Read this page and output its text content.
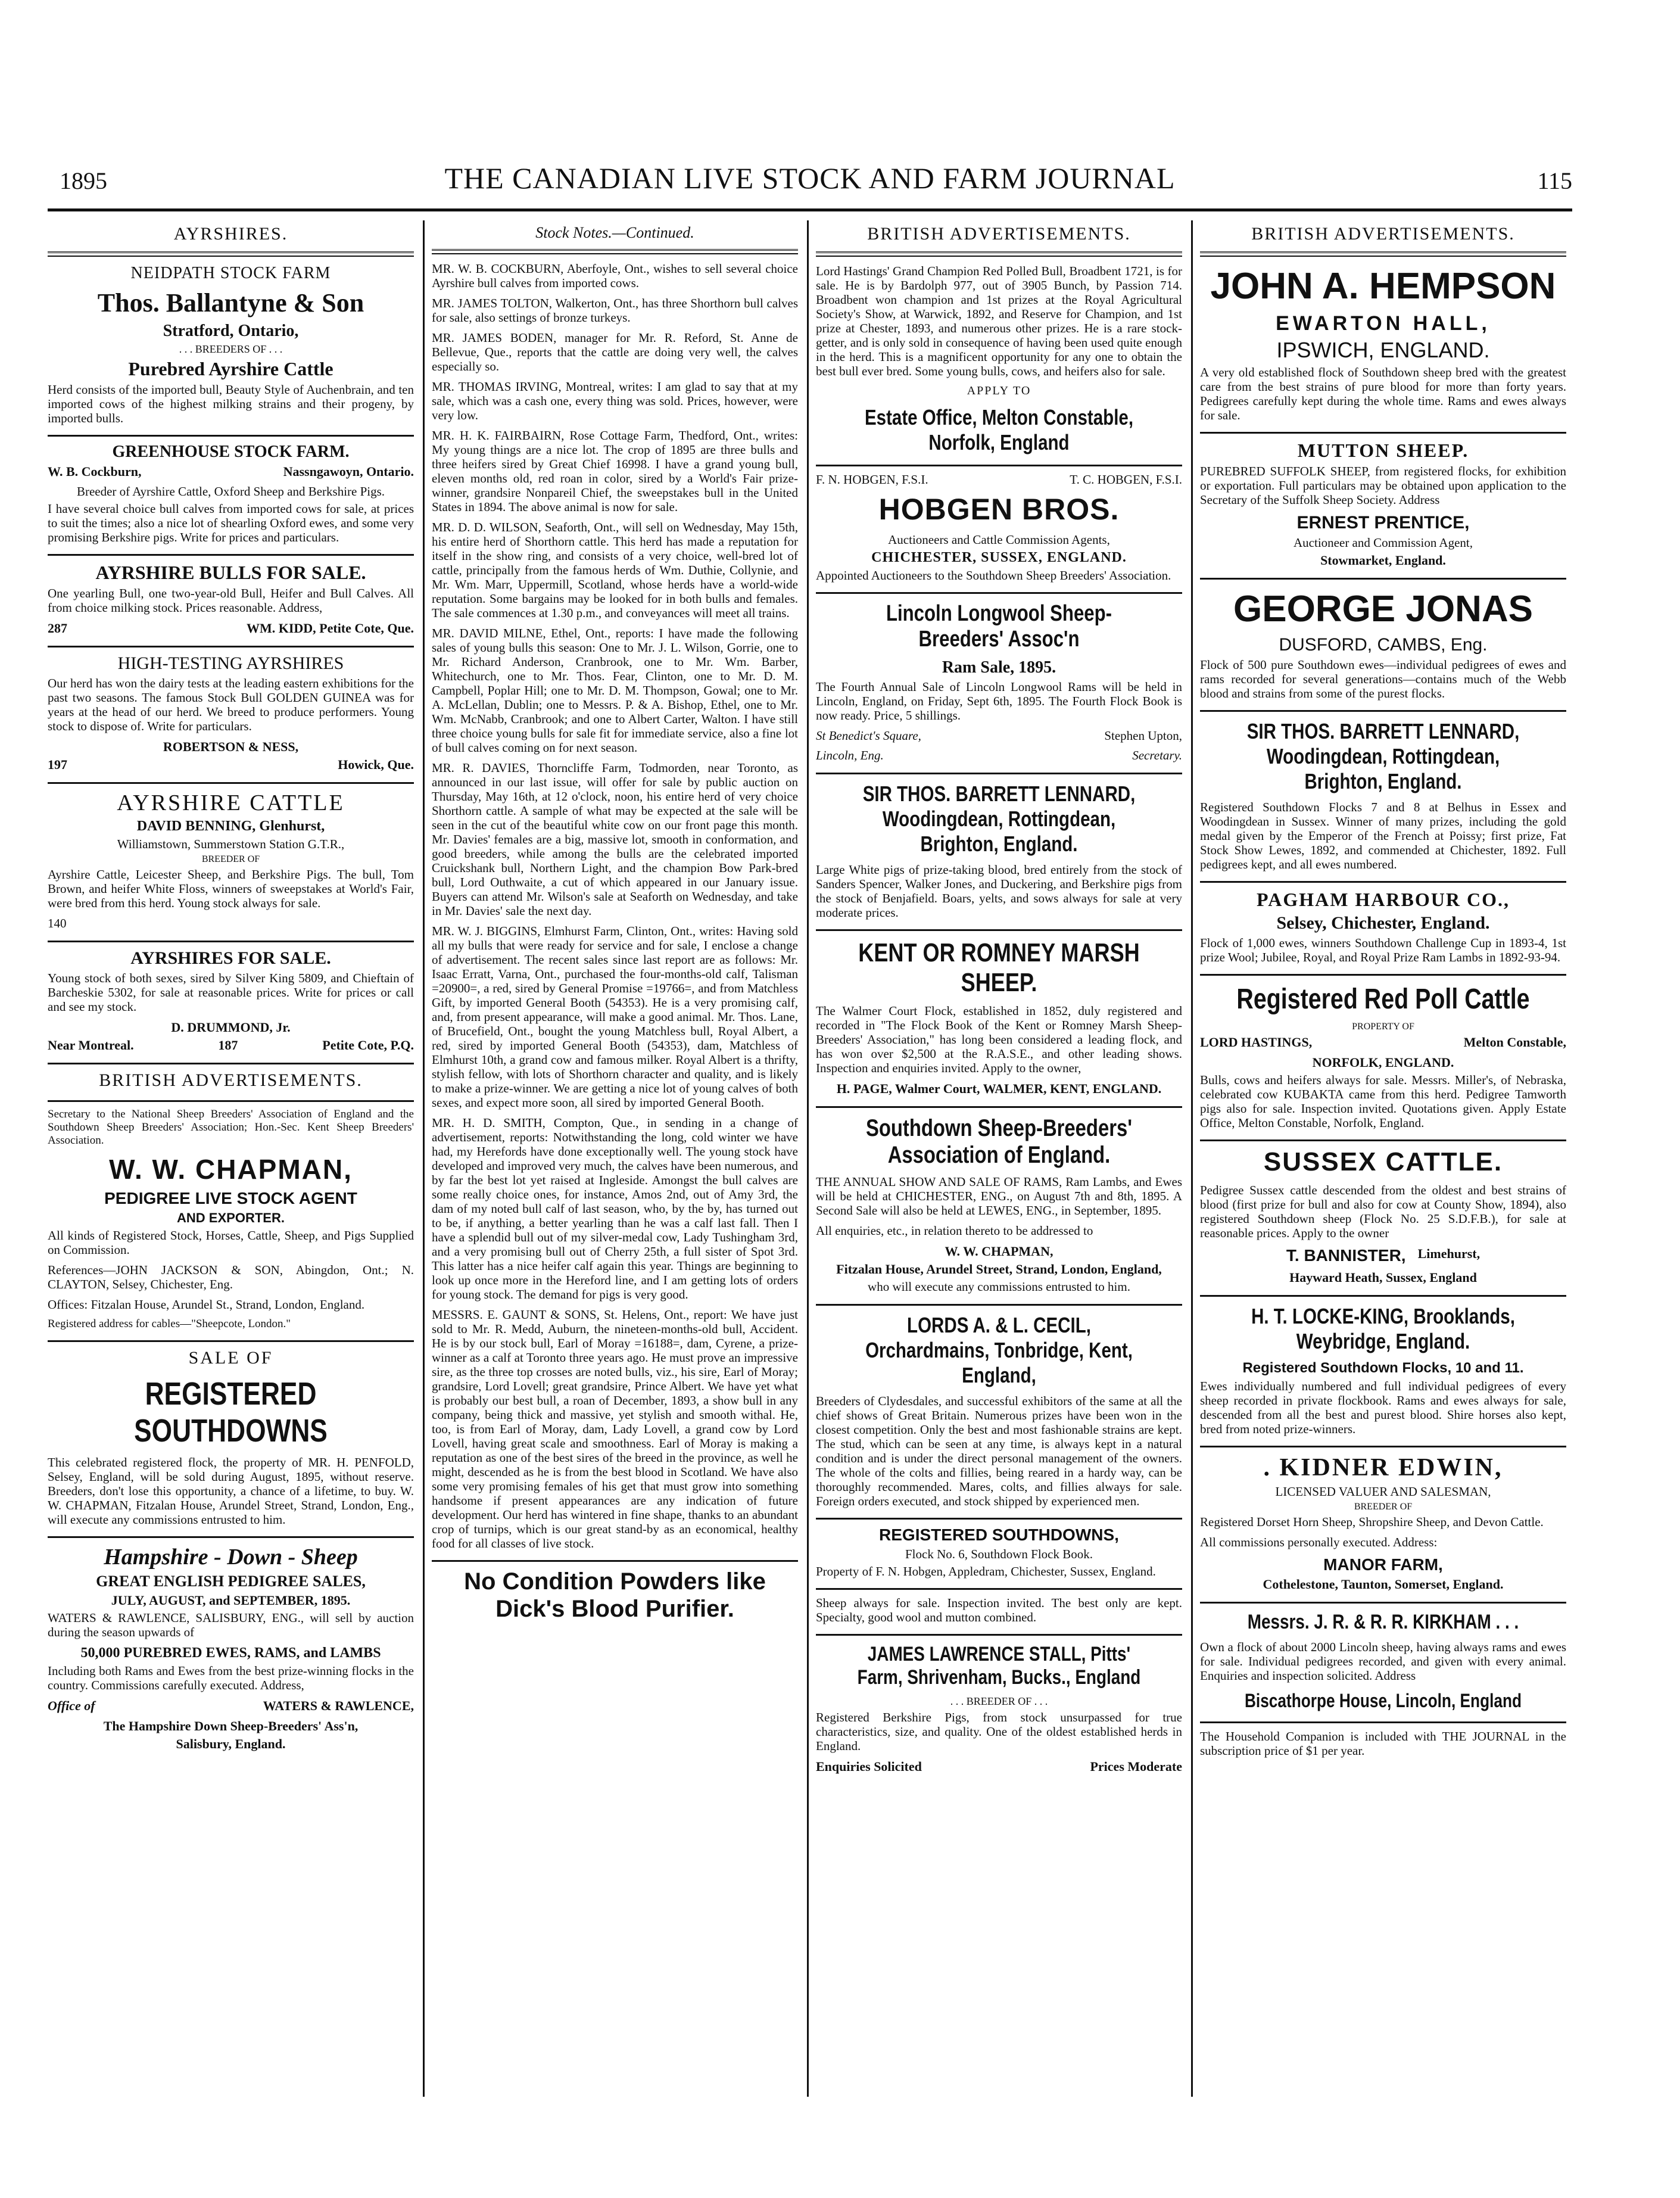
1895	THE CANADIAN LIVE STOCK AND FARM JOURNAL	115
AYRSHIRES.
NEIDPATH STOCK FARM
Thos. Ballantyne & Son
Stratford, Ontario,
. . . BREEDERS OF . . .
Purebred Ayrshire Cattle

Herd consists of the imported bull, Beauty Style of Auchenbrain, and ten imported cows of the highest milking strains and their progeny, by imported bulls.

GREENHOUSE STOCK FARM.
W. B. Cockburn,	Nassngawoyn, Ontario.
Breeder of Ayrshire Cattle, Oxford Sheep and Berkshire Pigs.

I have several choice bull calves from imported cows for sale, at prices to suit the times; also a nice lot of shearling Oxford ewes, and some very promising Berkshire pigs. Write for prices and particulars.

AYRSHIRE BULLS FOR SALE.

One yearling Bull, one two-year-old Bull, Heifer and Bull Calves. All from choice milking stock. Prices reasonable. Address,

287	WM. KIDD, Petite Cote, Que.
HIGH-TESTING AYRSHIRES

Our herd has won the dairy tests at the leading eastern exhibitions for the past two seasons. The famous Stock Bull GOLDEN GUINEA was for years at the head of our herd. We breed to produce performers. Young stock to dispose of. Write for particulars.

ROBERTSON & NESS,
197	Howick, Que.
AYRSHIRE CATTLE
DAVID BENNING, Glenhurst,
Williamstown, Summerstown Station G.T.R.,
BREEDER OF

Ayrshire Cattle, Leicester Sheep, and Berkshire Pigs. The bull, Tom Brown, and heifer White Floss, winners of sweepstakes at World's Fair, were bred from this herd. Young stock always for sale.

140
AYRSHIRES FOR SALE.

Young stock of both sexes, sired by Silver King 5809, and Chieftain of Barcheskie 5302, for sale at reasonable prices. Write for prices or call and see my stock.

D. DRUMMOND, Jr.
Near Montreal.	187	Petite Cote, P.Q.
BRITISH ADVERTISEMENTS.

Secretary to the National Sheep Breeders' Association of England and the Southdown Sheep Breeders' Association; Hon.-Sec. Kent Sheep Breeders' Association.

W. W. CHAPMAN,
PEDIGREE LIVE STOCK AGENT
AND EXPORTER.

All kinds of Registered Stock, Horses, Cattle, Sheep, and Pigs Supplied on Commission.

References—JOHN JACKSON & SON, Abingdon, Ont.; N. CLAYTON, Selsey, Chichester, Eng.

Offices: Fitzalan House, Arundel St., Strand, London, England.

Registered address for cables—"Sheepcote, London."

SALE OF
REGISTERED SOUTHDOWNS

This celebrated registered flock, the property of MR. H. PENFOLD, Selsey, England, will be sold during August, 1895, without reserve. Breeders, don't lose this opportunity, a chance of a lifetime, to buy. W. W. CHAPMAN, Fitzalan House, Arundel Street, Strand, London, Eng., will execute any commissions entrusted to him.

Hampshire - Down - Sheep
GREAT ENGLISH PEDIGREE SALES,
JULY, AUGUST, and SEPTEMBER, 1895.

WATERS & RAWLENCE, SALISBURY, ENG., will sell by auction during the season upwards of

50,000 PUREBRED EWES, RAMS, and LAMBS

Including both Rams and Ewes from the best prize-winning flocks in the country. Commissions carefully executed. Address,

Office of	WATERS & RAWLENCE,
The Hampshire Down Sheep-Breeders' Ass'n,
Salisbury, England.
Stock Notes.—Continued.

MR. W. B. COCKBURN, Aberfoyle, Ont., wishes to sell several choice Ayrshire bull calves from imported cows.

MR. JAMES TOLTON, Walkerton, Ont., has three Shorthorn bull calves for sale, also settings of bronze turkeys.

MR. JAMES BODEN, manager for Mr. R. Reford, St. Anne de Bellevue, Que., reports that the cattle are doing very well, the calves especially so.

MR. THOMAS IRVING, Montreal, writes: I am glad to say that at my sale, which was a cash one, every thing was sold. Prices, however, were very low.

MR. H. K. FAIRBAIRN, Rose Cottage Farm, Thedford, Ont., writes: My young things are a nice lot. The crop of 1895 are three bulls and three heifers sired by Great Chief 16998. I have a grand young bull, eleven months old, red roan in color, sired by a World's Fair prize-winner, grandsire Nonpareil Chief, the sweepstakes bull in the United States in 1894. The above animal is now for sale.

MR. D. D. WILSON, Seaforth, Ont., will sell on Wednesday, May 15th, his entire herd of Shorthorn cattle. This herd has made a reputation for itself in the show ring, and consists of a very choice, well-bred lot of cattle, principally from the famous herds of Wm. Duthie, Collynie, and Mr. Wm. Marr, Uppermill, Scotland, whose herds have a world-wide reputation. Some bargains may be looked for in both bulls and females. The sale commences at 1.30 p.m., and conveyances will meet all trains.

MR. DAVID MILNE, Ethel, Ont., reports: I have made the following sales of young bulls this season: One to Mr. J. L. Wilson, Gorrie, one to Mr. Richard Anderson, Cranbrook, one to Mr. Wm. Barber, Whitechurch, one to Mr. Thos. Fear, Clinton, one to Mr. D. M. Campbell, Poplar Hill; one to Mr. D. M. Thompson, Gowal; one to Mr. A. McLellan, Dublin; one to Messrs. P. & A. Bishop, Ethel, one to Mr. Wm. McNabb, Cranbrook; and one to Albert Carter, Walton. I have still three choice young bulls for sale fit for immediate service, also a fine lot of bull calves coming on for next season.

MR. R. DAVIES, Thorncliffe Farm, Todmorden, near Toronto, as announced in our last issue, will offer for sale by public auction on Thursday, May 16th, at 12 o'clock, noon, his entire herd of very choice Shorthorn cattle. A sample of what may be expected at the sale will be seen in the cut of the beautiful white cow on our front page this month. Mr. Davies' females are a big, massive lot, smooth in conformation, and good breeders, while among the bulls are the celebrated imported Cruickshank bull, Northern Light, and the champion Bow Park-bred bull, Lord Outhwaite, a cut of which appeared in our January issue. Buyers can attend Mr. Wilson's sale at Seaforth on Wednesday, and take in Mr. Davies' sale the next day.

MR. W. J. BIGGINS, Elmhurst Farm, Clinton, Ont., writes: Having sold all my bulls that were ready for service and for sale, I enclose a change of advertisement. The recent sales since last report are as follows: Mr. Isaac Erratt, Varna, Ont., purchased the four-months-old calf, Talisman =20900=, a red, sired by General Promise =19766=, and from Matchless Gift, by imported General Booth (54353). He is a very promising calf, and, from present appearance, will make a good animal. Mr. Thos. Lane, of Brucefield, Ont., bought the young Matchless bull, Royal Albert, a red, sired by imported General Booth (54353), dam, Matchless of Elmhurst 10th, a grand cow and famous milker. Royal Albert is a thrifty, stylish fellow, with lots of Shorthorn character and quality, and is likely to make a prize-winner. We are getting a nice lot of young calves of both sexes, and expect more soon, all sired by imported General Booth.

MR. H. D. SMITH, Compton, Que., in sending in a change of advertisement, reports: Notwithstanding the long, cold winter we have had, my Herefords have done exceptionally well. The young stock have developed and improved very much, the calves have been numerous, and by far the best lot yet raised at Ingleside. Amongst the bull calves are some really choice ones, for instance, Amos 2nd, out of Amy 3rd, the dam of my noted bull calf of last season, who, by the by, has turned out to be, if anything, a better yearling than he was a calf last fall. Then I have a splendid bull out of my silver-medal cow, Lady Tushingham 3rd, and a very promising bull out of Cherry 25th, a full sister of Spot 3rd. This latter has a nice heifer calf again this year. Things are beginning to look up once more in the Hereford line, and I am getting lots of orders for young stock. The demand for pigs is very good.

MESSRS. E. GAUNT & SONS, St. Helens, Ont., report: We have just sold to Mr. R. Medd, Auburn, the nineteen-months-old bull, Accident. He is by our stock bull, Earl of Moray =16188=, dam, Cyrene, a prize-winner as a calf at Toronto three years ago. He must prove an impressive sire, as the three top crosses are noted bulls, viz., his sire, Earl of Moray; grandsire, Lord Lovell; great grandsire, Prince Albert. We have yet what is probably our best bull, a roan of December, 1893, a show bull in any company, being thick and massive, yet stylish and smooth withal. He, too, is from Earl of Moray, dam, Lady Lovell, a grand cow by Lord Lovell, having great scale and smoothness. Earl of Moray is making a reputation as one of the best sires of the breed in the province, as well he might, descended as he is from the best blood in Scotland. We have also some very promising females of his get that must grow into something handsome if present appearances are any indication of future development. Our herd has wintered in fine shape, thanks to an abundant crop of turnips, which is our great stand-by as an economical, healthy food for all classes of live stock.

No Condition Powders like Dick's Blood Purifier.
BRITISH ADVERTISEMENTS.

Lord Hastings' Grand Champion Red Polled Bull, Broadbent 1721, is for sale. He is by Bardolph 977, out of 3905 Bunch, by Passion 714. Broadbent won champion and 1st prizes at the Royal Agricultural Society's Show, at Warwick, 1892, and Reserve for Champion, and 1st prize at Chester, 1893, and numerous other prizes. He is a rare stock-getter, and is only sold in consequence of having been used quite enough in the herd. This is a magnificent opportunity for any one to obtain the best bull ever bred. Some young bulls, cows, and heifers also for sale.

APPLY TO
Estate Office, Melton Constable, Norfolk, England
F. N. HOBGEN, F.S.I.	T. C. HOBGEN, F.S.I.
HOBGEN BROS.
Auctioneers and Cattle Commission Agents,
CHICHESTER, SUSSEX, ENGLAND.

Appointed Auctioneers to the Southdown Sheep Breeders' Association.

Lincoln Longwool Sheep-Breeders' Assoc'n
Ram Sale, 1895.

The Fourth Annual Sale of Lincoln Longwool Rams will be held in Lincoln, England, on Friday, Sept 6th, 1895. The Fourth Flock Book is now ready. Price, 5 shillings.

St Benedict's Square,	Stephen Upton,
Lincoln, Eng.	Secretary.
SIR THOS. BARRETT LENNARD, Woodingdean, Rottingdean, Brighton, England.

Large White pigs of prize-taking blood, bred entirely from the stock of Sanders Spencer, Walker Jones, and Duckering, and Berkshire pigs from the stock of Benjafield. Boars, yelts, and sows always for sale at very moderate prices.

KENT OR ROMNEY MARSH SHEEP.

The Walmer Court Flock, established in 1852, duly registered and recorded in "The Flock Book of the Kent or Romney Marsh Sheep-Breeders' Association," has long been considered a leading flock, and has won over $2,500 at the R.A.S.E., and other leading shows. Inspection and enquiries invited. Apply to the owner,

H. PAGE, Walmer Court, WALMER, KENT, ENGLAND.
Southdown Sheep-Breeders' Association of England.

THE ANNUAL SHOW AND SALE OF RAMS, Ram Lambs, and Ewes will be held at CHICHESTER, ENG., on August 7th and 8th, 1895. A Second Sale will also be held at LEWES, ENG., in September, 1895.

All enquiries, etc., in relation thereto to be addressed to

W. W. CHAPMAN,
Fitzalan House, Arundel Street, Strand, London, England,
who will execute any commissions entrusted to him.
LORDS A. & L. CECIL, Orchardmains, Tonbridge, Kent, England,

Breeders of Clydesdales, and successful exhibitors of the same at all the chief shows of Great Britain. Numerous prizes have been won in the closest competition. Only the best and most fashionable strains are kept. The stud, which can be seen at any time, is always kept in a natural condition and is under the direct personal management of the owners. The whole of the colts and fillies, being reared in a hardy way, can be thoroughly recommended. Mares, colts, and fillies always for sale. Foreign orders executed, and stock shipped by experienced men.

REGISTERED SOUTHDOWNS,
Flock No. 6, Southdown Flock Book.

Property of F. N. Hobgen, Appledram, Chichester, Sussex, England.

Sheep always for sale. Inspection invited. The best only are kept. Specialty, good wool and mutton combined.

JAMES LAWRENCE STALL, Pitts' Farm, Shrivenham, Bucks., England
. . . BREEDER OF . . .

Registered Berkshire Pigs, from stock unsurpassed for true characteristics, size, and quality. One of the oldest established herds in England.

Enquiries Solicited	Prices Moderate
BRITISH ADVERTISEMENTS.
JOHN A. HEMPSON
EWARTON HALL,
IPSWICH, ENGLAND.

A very old established flock of Southdown sheep bred with the greatest care from the best strains of pure blood for more than forty years. Pedigrees carefully kept during the whole time. Rams and ewes always for sale.

MUTTON SHEEP.

PUREBRED SUFFOLK SHEEP, from registered flocks, for exhibition or exportation. Full particulars may be obtained upon application to the Secretary of the Suffolk Sheep Society. Address

ERNEST PRENTICE,
Auctioneer and Commission Agent,
Stowmarket, England.
GEORGE JONAS
DUSFORD, CAMBS, Eng.

Flock of 500 pure Southdown ewes—individual pedigrees of ewes and rams recorded for several generations—contains much of the Webb blood and strains from some of the purest flocks.

SIR THOS. BARRETT LENNARD, Woodingdean, Rottingdean, Brighton, England.

Registered Southdown Flocks 7 and 8 at Belhus in Essex and Woodingdean in Sussex. Winner of many prizes, including the gold medal given by the Emperor of the French at Poissy; first prize, Fat Stock Show Lewes, 1892, and commended at Chichester, 1892. Full pedigrees kept, and all ewes numbered.

PAGHAM HARBOUR CO.,
Selsey, Chichester, England.

Flock of 1,000 ewes, winners Southdown Challenge Cup in 1893-4, 1st prize Wool; Jubilee, Royal, and Royal Prize Ram Lambs in 1892-93-94.

Registered Red Poll Cattle
PROPERTY OF
LORD HASTINGS,	Melton Constable,
NORFOLK, ENGLAND.

Bulls, cows and heifers always for sale. Messrs. Miller's, of Nebraska, celebrated cow KUBAKTA came from this herd. Pedigree Tamworth pigs also for sale. Inspection invited. Quotations given. Apply Estate Office, Melton Constable, Norfolk, England.

SUSSEX CATTLE.

Pedigree Sussex cattle descended from the oldest and best strains of blood (first prize for bull and also for cow at County Show, 1894), also registered Southdown sheep (Flock No. 25 S.D.F.B.), for sale at reasonable prices. Apply to the owner

T. BANNISTER, Limehurst,
Hayward Heath, Sussex, England
H. T. LOCKE-KING, Brooklands, Weybridge, England.
Registered Southdown Flocks, 10 and 11.

Ewes individually numbered and full individual pedigrees of every sheep recorded in private flockbook. Rams and ewes always for sale, descended from all the best and purest blood. Shire horses also kept, bred from noted prize-winners.

. KIDNER EDWIN,
LICENSED VALUER AND SALESMAN,
BREEDER OF

Registered Dorset Horn Sheep, Shropshire Sheep, and Devon Cattle.

All commissions personally executed. Address:

MANOR FARM,
Cothelestone, Taunton, Somerset, England.
Messrs. J. R. & R. R. KIRKHAM . . .

Own a flock of about 2000 Lincoln sheep, having always rams and ewes for sale. Individual pedigrees recorded, and given with every animal. Enquiries and inspection solicited. Address

Biscathorpe House, Lincoln, England

The Household Companion is included with THE JOURNAL in the subscription price of $1 per year.
